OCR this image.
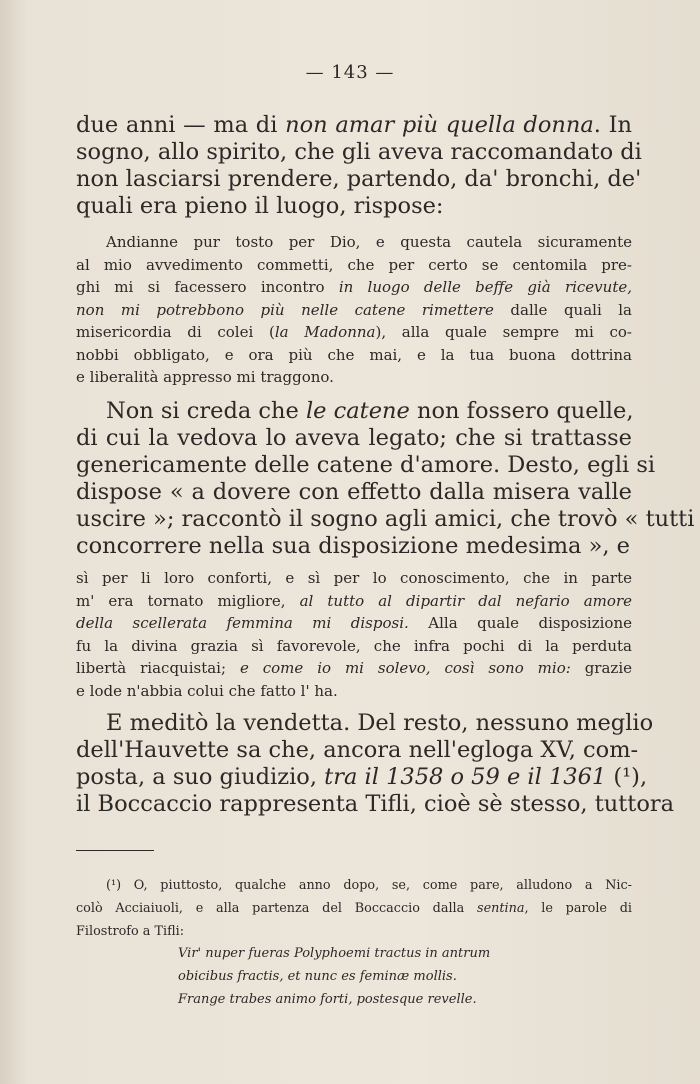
— 143 —
due anni — ma di non amar più quella donna. In
sogno, allo spirito, che gli aveva raccomandato di
non lasciarsi prendere, partendo, da' bronchi, de'
quali era pieno il luogo, rispose:
Andianne pur tosto per Dio, e questa cautela sicuramente
al mio avvedimento commetti, che per certo se centomila pre-
ghi mi si facessero incontro in luogo delle beffe già ricevute,
non mi potrebbono più nelle catene rimettere dalle quali la
misericordia di colei (la Madonna), alla quale sempre mi co-
nobbi obbligato, e ora più che mai, e la tua buona dottrina
e liberalità appresso mi traggono.
Non si creda che le catene non fossero quelle,
di cui la vedova lo aveva legato; che si trattasse
genericamente delle catene d'amore. Desto, egli si
dispose « a dovere con effetto dalla misera valle
uscire »; raccontò il sogno agli amici, che trovò « tutti
concorrere nella sua disposizione medesima », e
sì per li loro conforti, e sì per lo conoscimento, che in parte
m' era tornato migliore, al tutto al dipartir dal nefario amore
della scellerata femmina mi disposi. Alla quale disposizione
fu la divina grazia sì favorevole, che infra pochi di la perduta
libertà riacquistai; e come io mi solevo, così sono mio: grazie
e lode n'abbia colui che fatto l' ha.
E meditò la vendetta. Del resto, nessuno meglio
dell'Hauvette sa che, ancora nell'egloga XV, com-
posta, a suo giudizio, tra il 1358 o 59 e il 1361 (¹),
il Boccaccio rappresenta Tifli, cioè sè stesso, tuttora
(¹) O, piuttosto, qualche anno dopo, se, come pare, alludono a Nic-
colò Acciaiuoli, e alla partenza del Boccaccio dalla sentina, le parole di
Filostrofo a Tifli:
Vir' nuper fueras Polyphoemi tractus in antrum
obicibus fractis, et nunc es feminæ mollis.
Frange trabes animo forti, postesque revelle.
